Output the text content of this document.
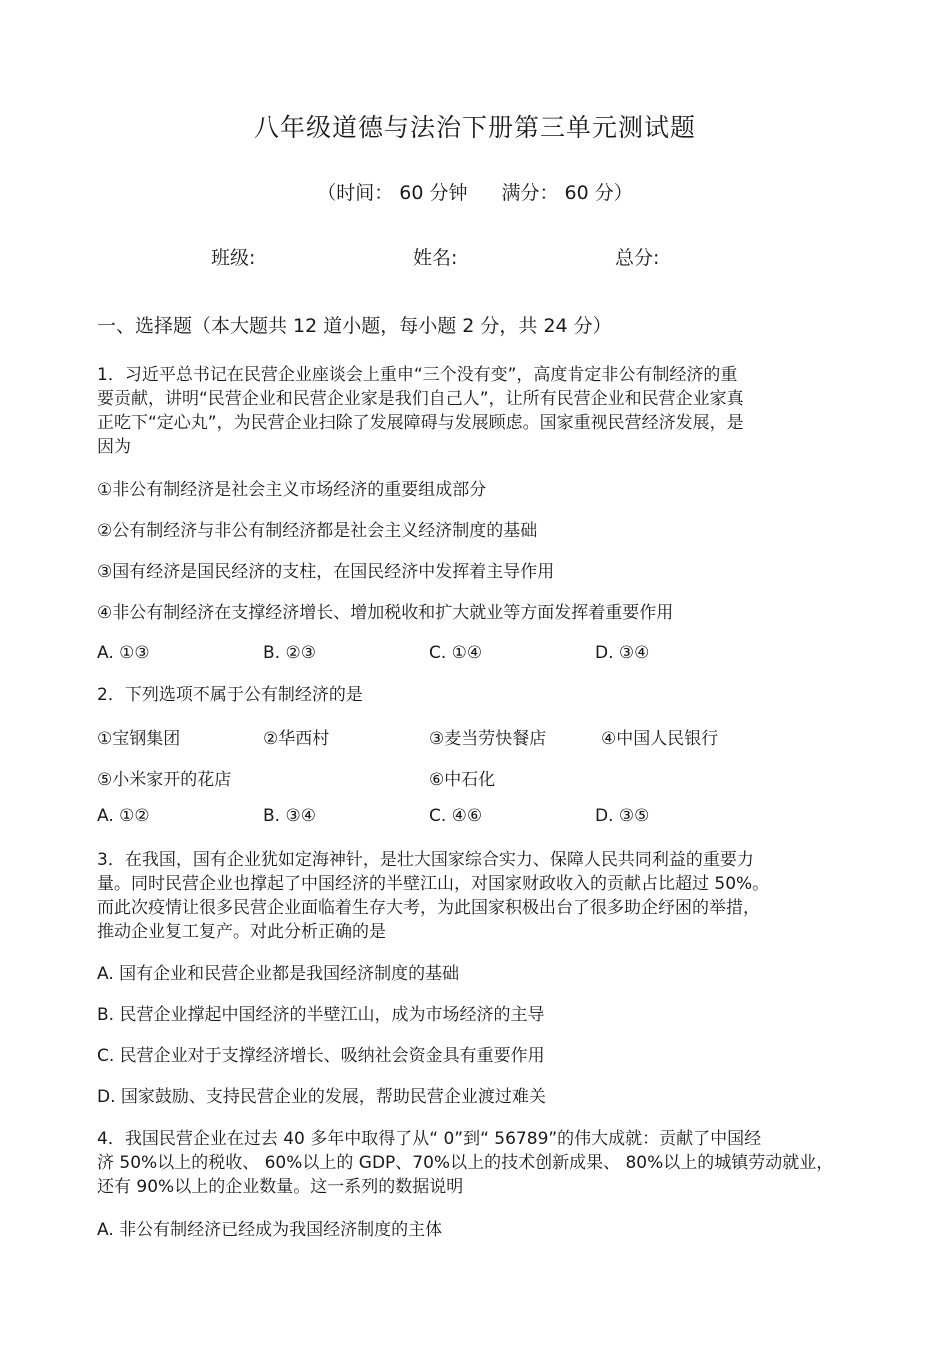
八年级道德与法治下册第三单元测试题
（时间： 60 分钟 满分： 60 分）
班级:	姓名:	总分:
一、选择题（本大题共 12 道小题，每小题 2 分，共 24 分）
1．习近平总书记在民营企业座谈会上重申“三个没有变”，高度肯定非公有制经济的重
要贡献，讲明“民营企业和民营企业家是我们自己人”，让所有民营企业和民营企业家真
正吃下“定心丸”，为民营企业扫除了发展障碍与发展顾虑。国家重视民营经济发展，是
因为
①非公有制经济是社会主义市场经济的重要组成部分
②公有制经济与非公有制经济都是社会主义经济制度的基础
③国有经济是国民经济的支柱，在国民经济中发挥着主导作用
④非公有制经济在支撑经济增长、增加税收和扩大就业等方面发挥着重要作用
A. ①③	B. ②③	C. ①④	D. ③④
2．下列选项不属于公有制经济的是
①宝钢集团	②华西村	③麦当劳快餐店	④中国人民银行
⑤小米家开的花店	⑥中石化
A. ①②	B. ③④	C. ④⑥	D. ③⑤
3．在我国，国有企业犹如定海神针，是壮大国家综合实力、保障人民共同利益的重要力
量。同时民营企业也撑起了中国经济的半壁江山，对国家财政收入的贡献占比超过 50%。
而此次疫情让很多民营企业面临着生存大考，为此国家积极出台了很多助企纾困的举措，
推动企业复工复产。对此分析正确的是
A. 国有企业和民营企业都是我国经济制度的基础
B. 民营企业撑起中国经济的半壁江山，成为市场经济的主导
C. 民营企业对于支撑经济增长、吸纳社会资金具有重要作用
D. 国家鼓励、支持民营企业的发展，帮助民营企业渡过难关
4．我国民营企业在过去 40 多年中取得了从“ 0”到“ 56789”的伟大成就：贡献了中国经
济 50%以上的税收、 60%以上的 GDP、70%以上的技术创新成果、 80%以上的城镇劳动就业，
还有 90%以上的企业数量。这一系列的数据说明
A. 非公有制经济已经成为我国经济制度的主体
